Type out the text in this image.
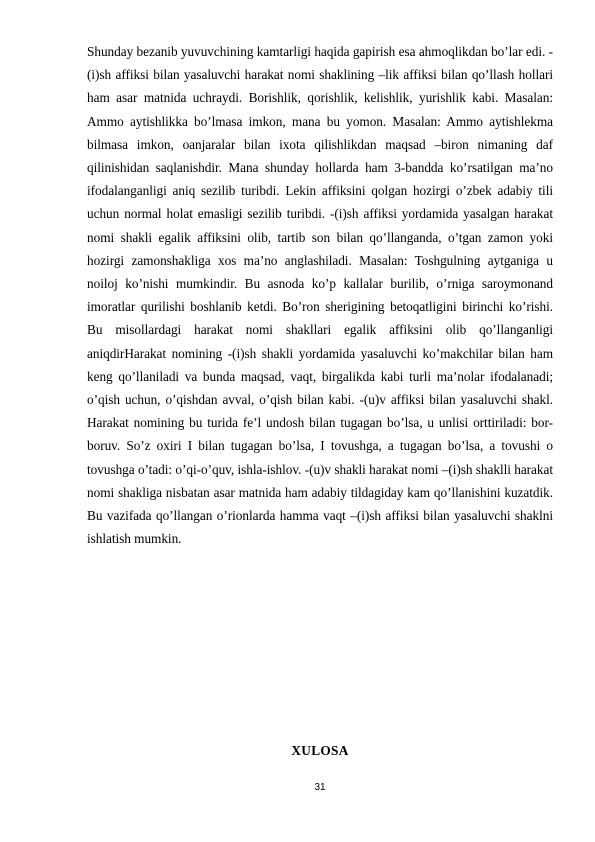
Shunday bezanib yuvuvchining kamtarligi haqida gapirish esa ahmoqlikdan bo’lar edi. -(i)sh affiksi bilan yasaluvchi harakat nomi shaklining –lik affiksi bilan qo’llash hollari ham asar matnida uchraydi. Borishlik, qorishlik, kelishlik, yurishlik kabi. Masalan: Ammo aytishlikka bo’lmasa imkon, mana bu yomon. Masalan: Ammo aytishlekma bilmasa imkon, oanjaralar bilan ixota qilishlikdan maqsad –biron nimaning daf qilinishidan saqlanishdir. Mana shunday hollarda ham 3-bandda ko’rsatilgan ma’no ifodalanganligi aniq sezilib turibdi. Lekin affiksini qolgan hozirgi o’zbek adabiy tili uchun normal holat emasligi sezilib turibdi. -(i)sh affiksi yordamida yasalgan harakat nomi shakli egalik affiksini olib, tartib son bilan qo’llanganda, o’tgan zamon yoki hozirgi zamonshakliga xos ma’no anglashiladi. Masalan: Toshgulning aytganiga u noiloj ko’nishi mumkindir. Bu asnoda ko’p kallalar burilib, o’rniga saroymonand imoratlar qurilishi boshlanib ketdi. Bo’ron sherigining betoqatligini birinchi ko’rishi. Bu misollardagi harakat nomi shakllari egalik affiksini olib qo’llanganligi aniqdirHarakat nomining -(i)sh shakli yordamida yasaluvchi ko’makchilar bilan ham keng qo’llaniladi va bunda maqsad, vaqt, birgalikda kabi turli ma’nolar ifodalanadi; o’qish uchun, o’qishdan avval, o’qish bilan kabi. -(u)v affiksi bilan yasaluvchi shakl. Harakat nomining bu turida fe’l undosh bilan tugagan bo’lsa, u unlisi orttiriladi: bor-boruv. So’z oxiri I bilan tugagan bo’lsa, I tovushga, a tugagan bo’lsa, a tovushi o tovushga o’tadi: o’qi-o’quv, ishla-ishlov. -(u)v shakli harakat nomi –(i)sh shaklli harakat nomi shakliga nisbatan asar matnida ham adabiy tildagiday kam qo’llanishini kuzatdik. Bu vazifada qo’llangan o’rionlarda hamma vaqt –(i)sh affiksi bilan yasaluvchi shaklni ishlatish mumkin.

XULOSA

31
